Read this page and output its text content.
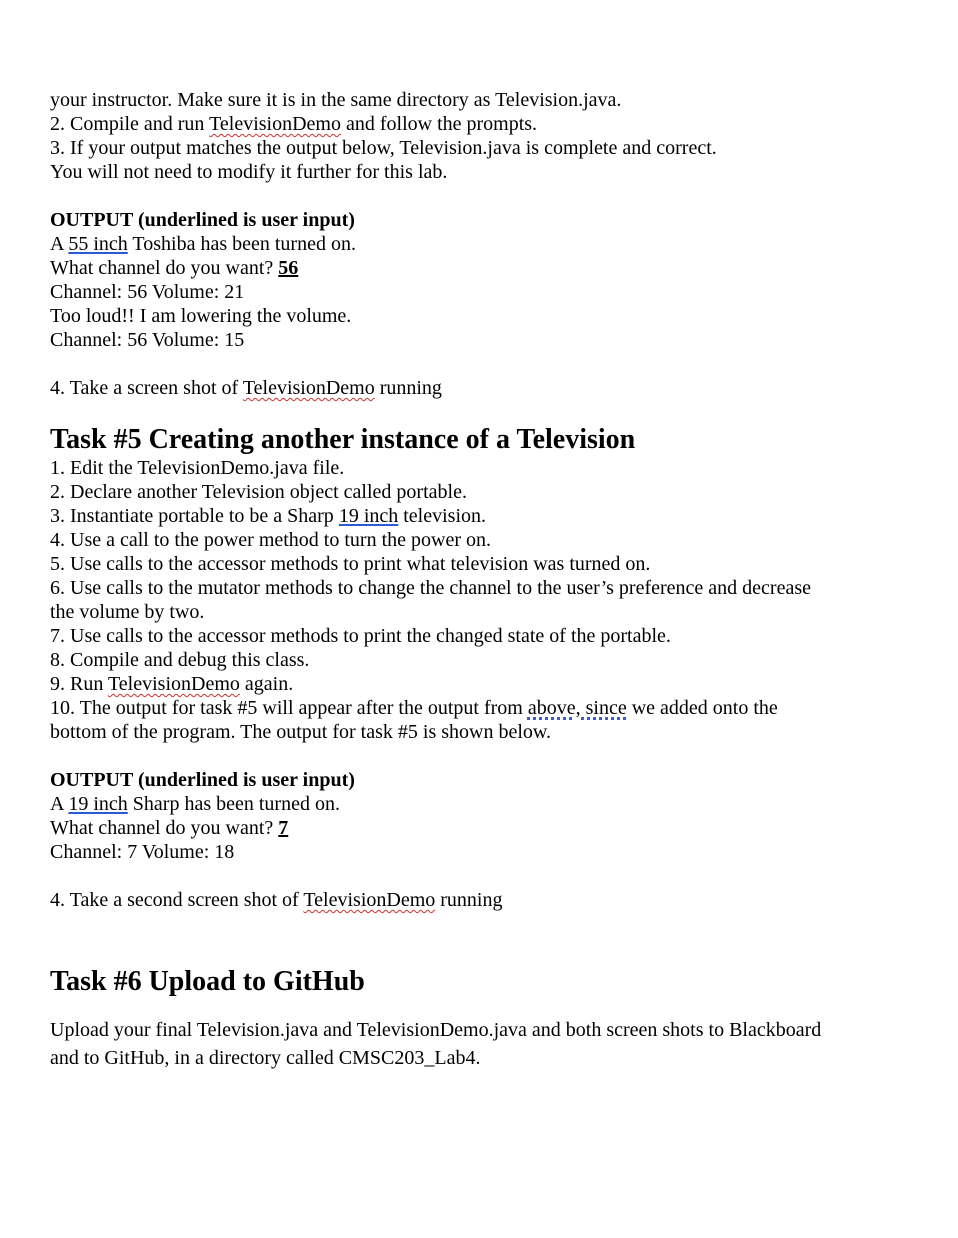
your instructor. Make sure it is in the same directory as Television.java.
2. Compile and run TelevisionDemo and follow the prompts.
3. If your output matches the output below, Television.java is complete and correct.
You will not need to modify it further for this lab.
OUTPUT (underlined is user input)
A 55 inch Toshiba has been turned on.
What channel do you want? 56
Channel: 56 Volume: 21
Too loud!! I am lowering the volume.
Channel: 56 Volume: 15
4. Take a screen shot of TelevisionDemo running
Task #5 Creating another instance of a Television
1. Edit the TelevisionDemo.java file.
2. Declare another Television object called portable.
3. Instantiate portable to be a Sharp 19 inch television.
4. Use a call to the power method to turn the power on.
5. Use calls to the accessor methods to print what television was turned on.
6. Use calls to the mutator methods to change the channel to the user’s preference and decrease
the volume by two.
7. Use calls to the accessor methods to print the changed state of the portable.
8. Compile and debug this class.
9. Run TelevisionDemo again.
10. The output for task #5 will appear after the output from above, since we added onto the
bottom of the program. The output for task #5 is shown below.
OUTPUT (underlined is user input)
A 19 inch Sharp has been turned on.
What channel do you want? 7
Channel: 7 Volume: 18
4. Take a second screen shot of TelevisionDemo running
Task #6 Upload to GitHub
Upload your final Television.java and TelevisionDemo.java and both screen shots to Blackboard
and to GitHub, in a directory called CMSC203_Lab4.
